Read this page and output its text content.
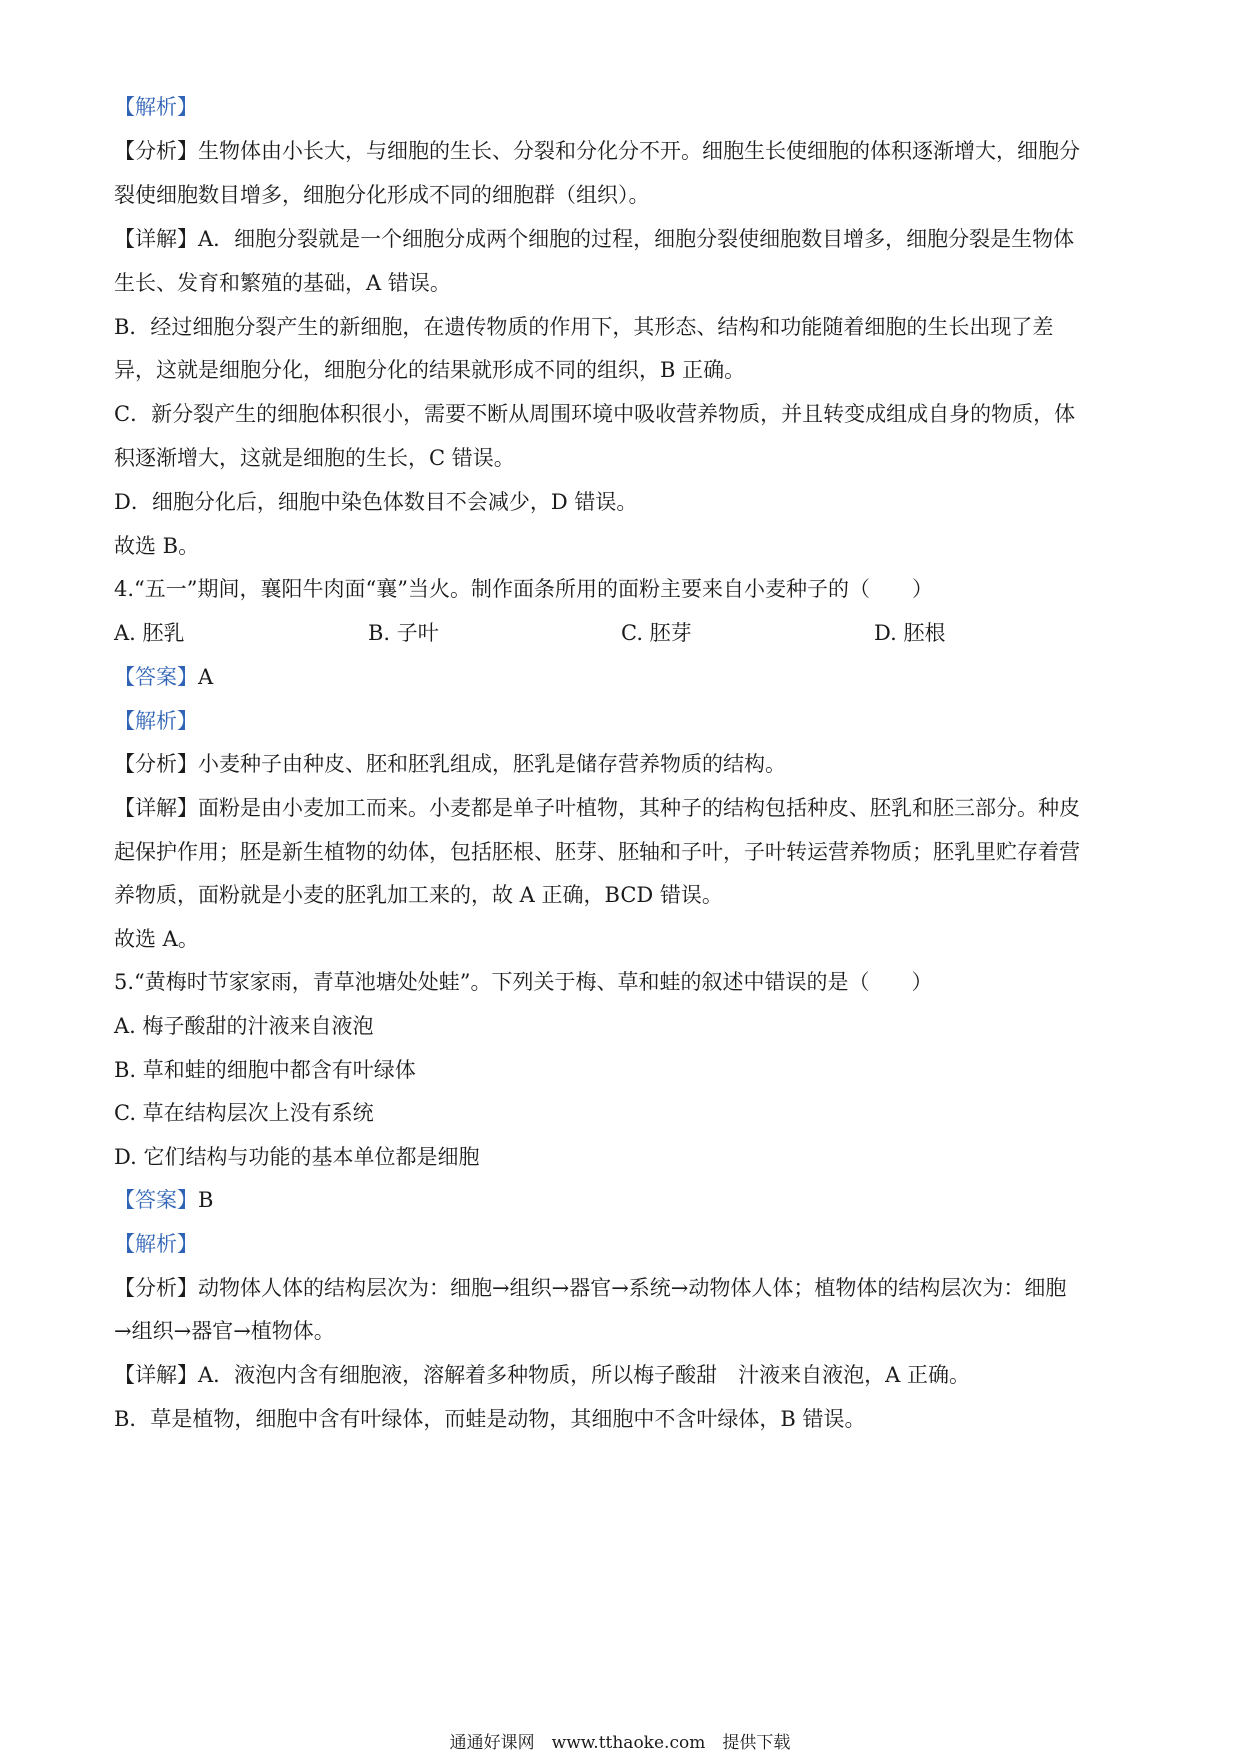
【解析】
【分析】生物体由小长大，与细胞的生长、分裂和分化分不开。细胞生长使细胞的体积逐渐增大，细胞分
裂使细胞数目增多，细胞分化形成不同的细胞群（组织）。
【详解】A．细胞分裂就是一个细胞分成两个细胞的过程，细胞分裂使细胞数目增多，细胞分裂是生物体
生长、发育和繁殖的基础，A 错误。
B．经过细胞分裂产生的新细胞，在遗传物质的作用下，其形态、结构和功能随着细胞的生长出现了差
异，这就是细胞分化，细胞分化的结果就形成不同的组织，B 正确。
C．新分裂产生的细胞体积很小，需要不断从周围环境中吸收营养物质，并且转变成组成自身的物质，体
积逐渐增大，这就是细胞的生长，C 错误。
D．细胞分化后，细胞中染色体数目不会减少，D 错误。
故选 B。
4.“五一”期间，襄阳牛肉面“襄”当火。制作面条所用的面粉主要来自小麦种子的（　　）
A. 胚乳	B. 子叶	C. 胚芽	D. 胚根
【答案】A
【解析】
【分析】小麦种子由种皮、胚和胚乳组成，胚乳是储存营养物质的结构。
【详解】面粉是由小麦加工而来。小麦都是单子叶植物，其种子的结构包括种皮、胚乳和胚三部分。种皮
起保护作用；胚是新生植物的幼体，包括胚根、胚芽、胚轴和子叶，子叶转运营养物质；胚乳里贮存着营
养物质，面粉就是小麦的胚乳加工来的，故 A 正确，BCD 错误。
故选 A。
5.“黄梅时节家家雨，青草池塘处处蛙”。下列关于梅、草和蛙的叙述中错误的是（　　）
A. 梅子酸甜的汁液来自液泡
B. 草和蛙的细胞中都含有叶绿体
C. 草在结构层次上没有系统
D. 它们结构与功能的基本单位都是细胞
【答案】B
【解析】
【分析】动物体人体的结构层次为：细胞→组织→器官→系统→动物体人体；植物体的结构层次为：细胞
→组织→器官→植物体。
【详解】A．液泡内含有细胞液，溶解着多种物质，所以梅子酸甜　汁液来自液泡，A 正确。
B．草是植物，细胞中含有叶绿体，而蛙是动物，其细胞中不含叶绿体，B 错误。
通通好课网　www.tthaoke.com　提供下载
